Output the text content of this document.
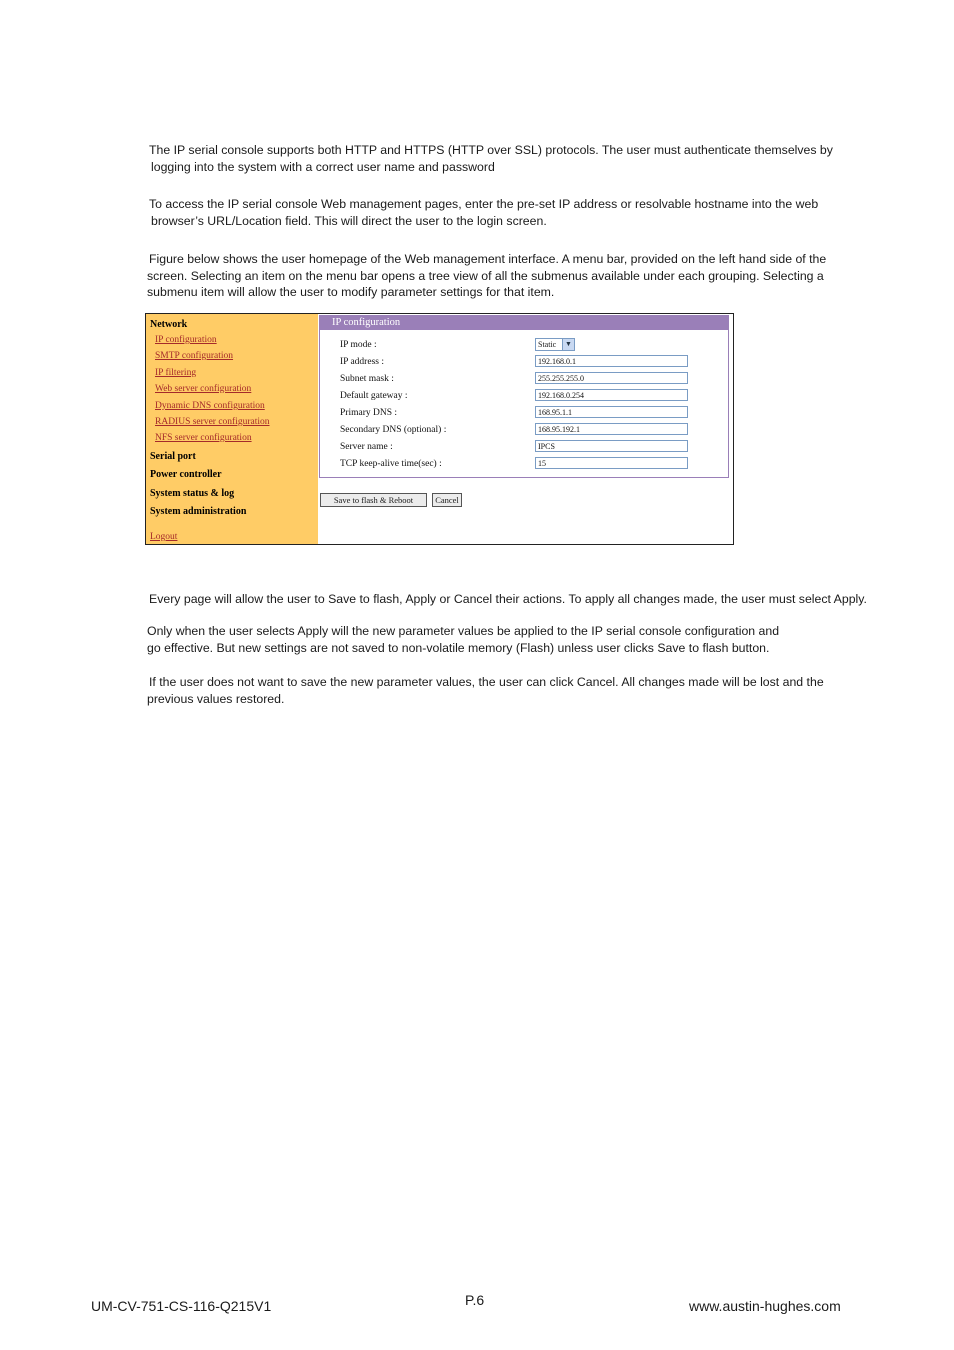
The IP serial console supports both HTTP and HTTPS (HTTP over SSL) protocols. The user must authenticate themselves by
logging into the system with a correct user name and password

To access the IP serial console Web management pages, enter the pre-set IP address or resolvable hostname into the web
browser’s URL/Location field. This will direct the user to the login screen.

Figure below shows the user homepage of the Web management interface. A menu bar, provided on the left hand side of the
screen. Selecting an item on the menu bar opens a tree view of all the submenus available under each grouping. Selecting a
submenu item will allow the user to modify parameter settings for that item.

Network
IP configuration
SMTP configuration
IP filtering
Web server configuration
Dynamic DNS configuration
RADIUS server configuration
NFS server configuration
Serial port
Power controller
System status & log
System administration
Logout
IP configuration
IP mode :	Static	▼
IP address :	192.168.0.1
Subnet mask :	255.255.255.0
Default gateway :	192.168.0.254
Primary DNS :	168.95.1.1
Secondary DNS (optional) :	168.95.192.1
Server name :	IPCS
TCP keep-alive time(sec) :	15
Save to flash & Reboot	Cancel

Every page will allow the user to Save to flash, Apply or Cancel their actions. To apply all changes made, the user must select Apply.

Only when the user selects Apply will the new parameter values be applied to the IP serial console configuration and
go effective. But new settings are not saved to non-volatile memory (Flash) unless user clicks Save to flash button.

If the user does not want to save the new parameter values, the user can click Cancel. All changes made will be lost and the
previous values restored.

UM-CV-751-CS-116-Q215V1	P.6	www.austin-hughes.com
